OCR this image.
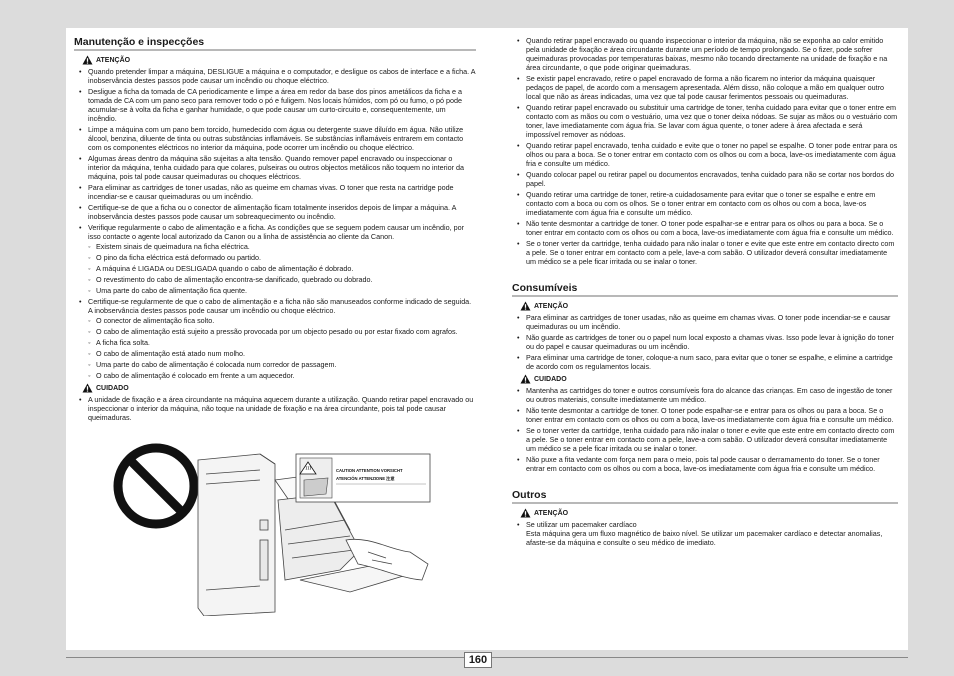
Manutenção e inspecções
ATENÇÃO
• Quando pretender limpar a máquina, DESLIGUE a máquina e o computador, e desligue os cabos de interface e a ficha. A inobservância destes passos pode causar um incêndio ou choque eléctrico.
• Desligue a ficha da tomada de CA periodicamente e limpe a área em redor da base dos pinos ametálicos da ficha e a tomada de CA com um pano seco para remover todo o pó e fuligem. Nos locais húmidos, com pó ou fumo, o pó pode acumular-se à volta da ficha e ganhar humidade, o que pode causar um curto-circuito e, consequentemente, um incêndio.
• Limpe a máquina com um pano bem torcido, humedecido com água ou detergente suave diluído em água. Não utilize álcool, benzina, diluente de tinta ou outras substâncias inflamáveis. Se substâncias inflamáveis entrarem em contacto com os componentes eléctricos no interior da máquina, pode ocorrer um incêndio ou choque eléctrico.
• Algumas áreas dentro da máquina são sujeitas a alta tensão. Quando remover papel encravado ou inspeccionar o interior da máquina, tenha cuidado para que colares, pulseiras ou outros objectos metálicos não toquem no interior da máquina, pois tal pode causar queimaduras ou choques eléctricos.
• Para eliminar as cartridges de toner usadas, não as queime em chamas vivas. O toner que resta na cartridge pode incendiar-se e causar queimaduras ou um incêndio.
• Certifique-se de que a ficha ou o conector de alimentação ficam totalmente inseridos depois de limpar a máquina. A inobservância destes passos pode causar um sobreaquecimento ou incêndio.
• Verifique regularmente o cabo de alimentação e a ficha. As condições que se seguem podem causar um incêndio, por isso contacte o agente local autorizado da Canon ou a linha de assistência ao cliente da Canon.
◦ Existem sinais de queimadura na ficha eléctrica.
◦ O pino da ficha eléctrica está deformado ou partido.
◦ A máquina é LIGADA ou DESLIGADA quando o cabo de alimentação é dobrado.
◦ O revestimento do cabo de alimentação encontra-se danificado, quebrado ou dobrado.
◦ Uma parte do cabo de alimentação fica quente.
• Certifique-se regularmente de que o cabo de alimentação e a ficha não são manuseados conforme indicado de seguida. A inobservância destes passos pode causar um incêndio ou choque eléctrico.
◦ O conector de alimentação fica solto.
◦ O cabo de alimentação está sujeito a pressão provocada por um objecto pesado ou por estar fixado com agrafos.
◦ A ficha fica solta.
◦ O cabo de alimentação está atado num molho.
◦ Uma parte do cabo de alimentação é colocada num corredor de passagem.
◦ O cabo de alimentação é colocado em frente a um aquecedor.
CUIDADO
• A unidade de fixação e a área circundante na máquina aquecem durante a utilização. Quando retirar papel encravado ou inspeccionar o interior da máquina, não toque na unidade de fixação e na área circundante, pois tal pode causar queimaduras.
CAUTION ATTENTION VORSICHT
ATENCIÓN ATTENZIONE 注意
• Quando retirar papel encravado ou quando inspeccionar o interior da máquina, não se exponha ao calor emitido pela unidade de fixação e área circundante durante um período de tempo prolongado. Se o fizer, pode sofrer queimaduras provocadas por temperaturas baixas, mesmo não tocando directamente na unidade de fixação e na área circundante, o que pode originar queimaduras.
• Se existir papel encravado, retire o papel encravado de forma a não ficarem no interior da máquina quaisquer pedaços de papel, de acordo com a mensagem apresentada. Além disso, não coloque a mão em qualquer outro local que não as áreas indicadas, uma vez que tal pode causar ferimentos pessoais ou queimaduras.
• Quando retirar papel encravado ou substituir uma cartridge de toner, tenha cuidado para evitar que o toner entre em contacto com as mãos ou com o vestuário, uma vez que o toner deixa nódoas. Se sujar as mãos ou o vestuário com toner, lave imediatamente com água fria. Se lavar com água quente, o toner adere à área afectada e será impossível remover as nódoas.
• Quando retirar papel encravado, tenha cuidado e evite que o toner no papel se espalhe. O toner pode entrar para os olhos ou para a boca. Se o toner entrar em contacto com os olhos ou com a boca, lave-os imediatamente com água fria e consulte um médico.
• Quando colocar papel ou retirar papel ou documentos encravados, tenha cuidado para não se cortar nos bordos do papel.
• Quando retirar uma cartridge de toner, retire-a cuidadosamente para evitar que o toner se espalhe e entre em contacto com a boca ou com os olhos. Se o toner entrar em contacto com os olhos ou com a boca, lave-os imediatamente com água fria e consulte um médico.
• Não tente desmontar a cartridge de toner. O toner pode espalhar-se e entrar para os olhos ou para a boca. Se o toner entrar em contacto com os olhos ou com a boca, lave-os imediatamente com água fria e consulte um médico.
• Se o toner verter da cartridge, tenha cuidado para não inalar o toner e evite que este entre em contacto directo com a pele. Se o toner entrar em contacto com a pele, lave-a com sabão. O utilizador deverá consultar imediatamente um médico se a pele ficar irritada ou se inalar o toner.
Consumíveis
ATENÇÃO
• Para eliminar as cartridges de toner usadas, não as queime em chamas vivas. O toner pode incendiar-se e causar queimaduras ou um incêndio.
• Não guarde as cartridges de toner ou o papel num local exposto a chamas vivas. Isso pode levar à ignição do toner ou do papel e causar queimaduras ou um incêndio.
• Para eliminar uma cartridge de toner, coloque-a num saco, para evitar que o toner se espalhe, e elimine a cartridge de acordo com os regulamentos locais.
CUIDADO
• Mantenha as cartridges do toner e outros consumíveis fora do alcance das crianças. Em caso de ingestão de toner ou outros materiais, consulte imediatamente um médico.
• Não tente desmontar a cartridge de toner. O toner pode espalhar-se e entrar para os olhos ou para a boca. Se o toner entrar em contacto com os olhos ou com a boca, lave-os imediatamente com água fria e consulte um médico.
• Se o toner verter da cartridge, tenha cuidado para não inalar o toner e evite que este entre em contacto directo com a pele. Se o toner entrar em contacto com a pele, lave-a com sabão. O utilizador deverá consultar imediatamente um médico se a pele ficar irritada ou se inalar o toner.
• Não puxe a fita vedante com força nem para o meio, pois tal pode causar o derramamento do toner. Se o toner entrar em contacto com os olhos ou com a boca, lave-os imediatamente com água fria e consulte um médico.
Outros
ATENÇÃO
• Se utilizar um pacemaker cardíaco
Esta máquina gera um fluxo magnético de baixo nível. Se utilizar um pacemaker cardíaco e detectar anomalias, afaste-se da máquina e consulte o seu médico de imediato.
160
